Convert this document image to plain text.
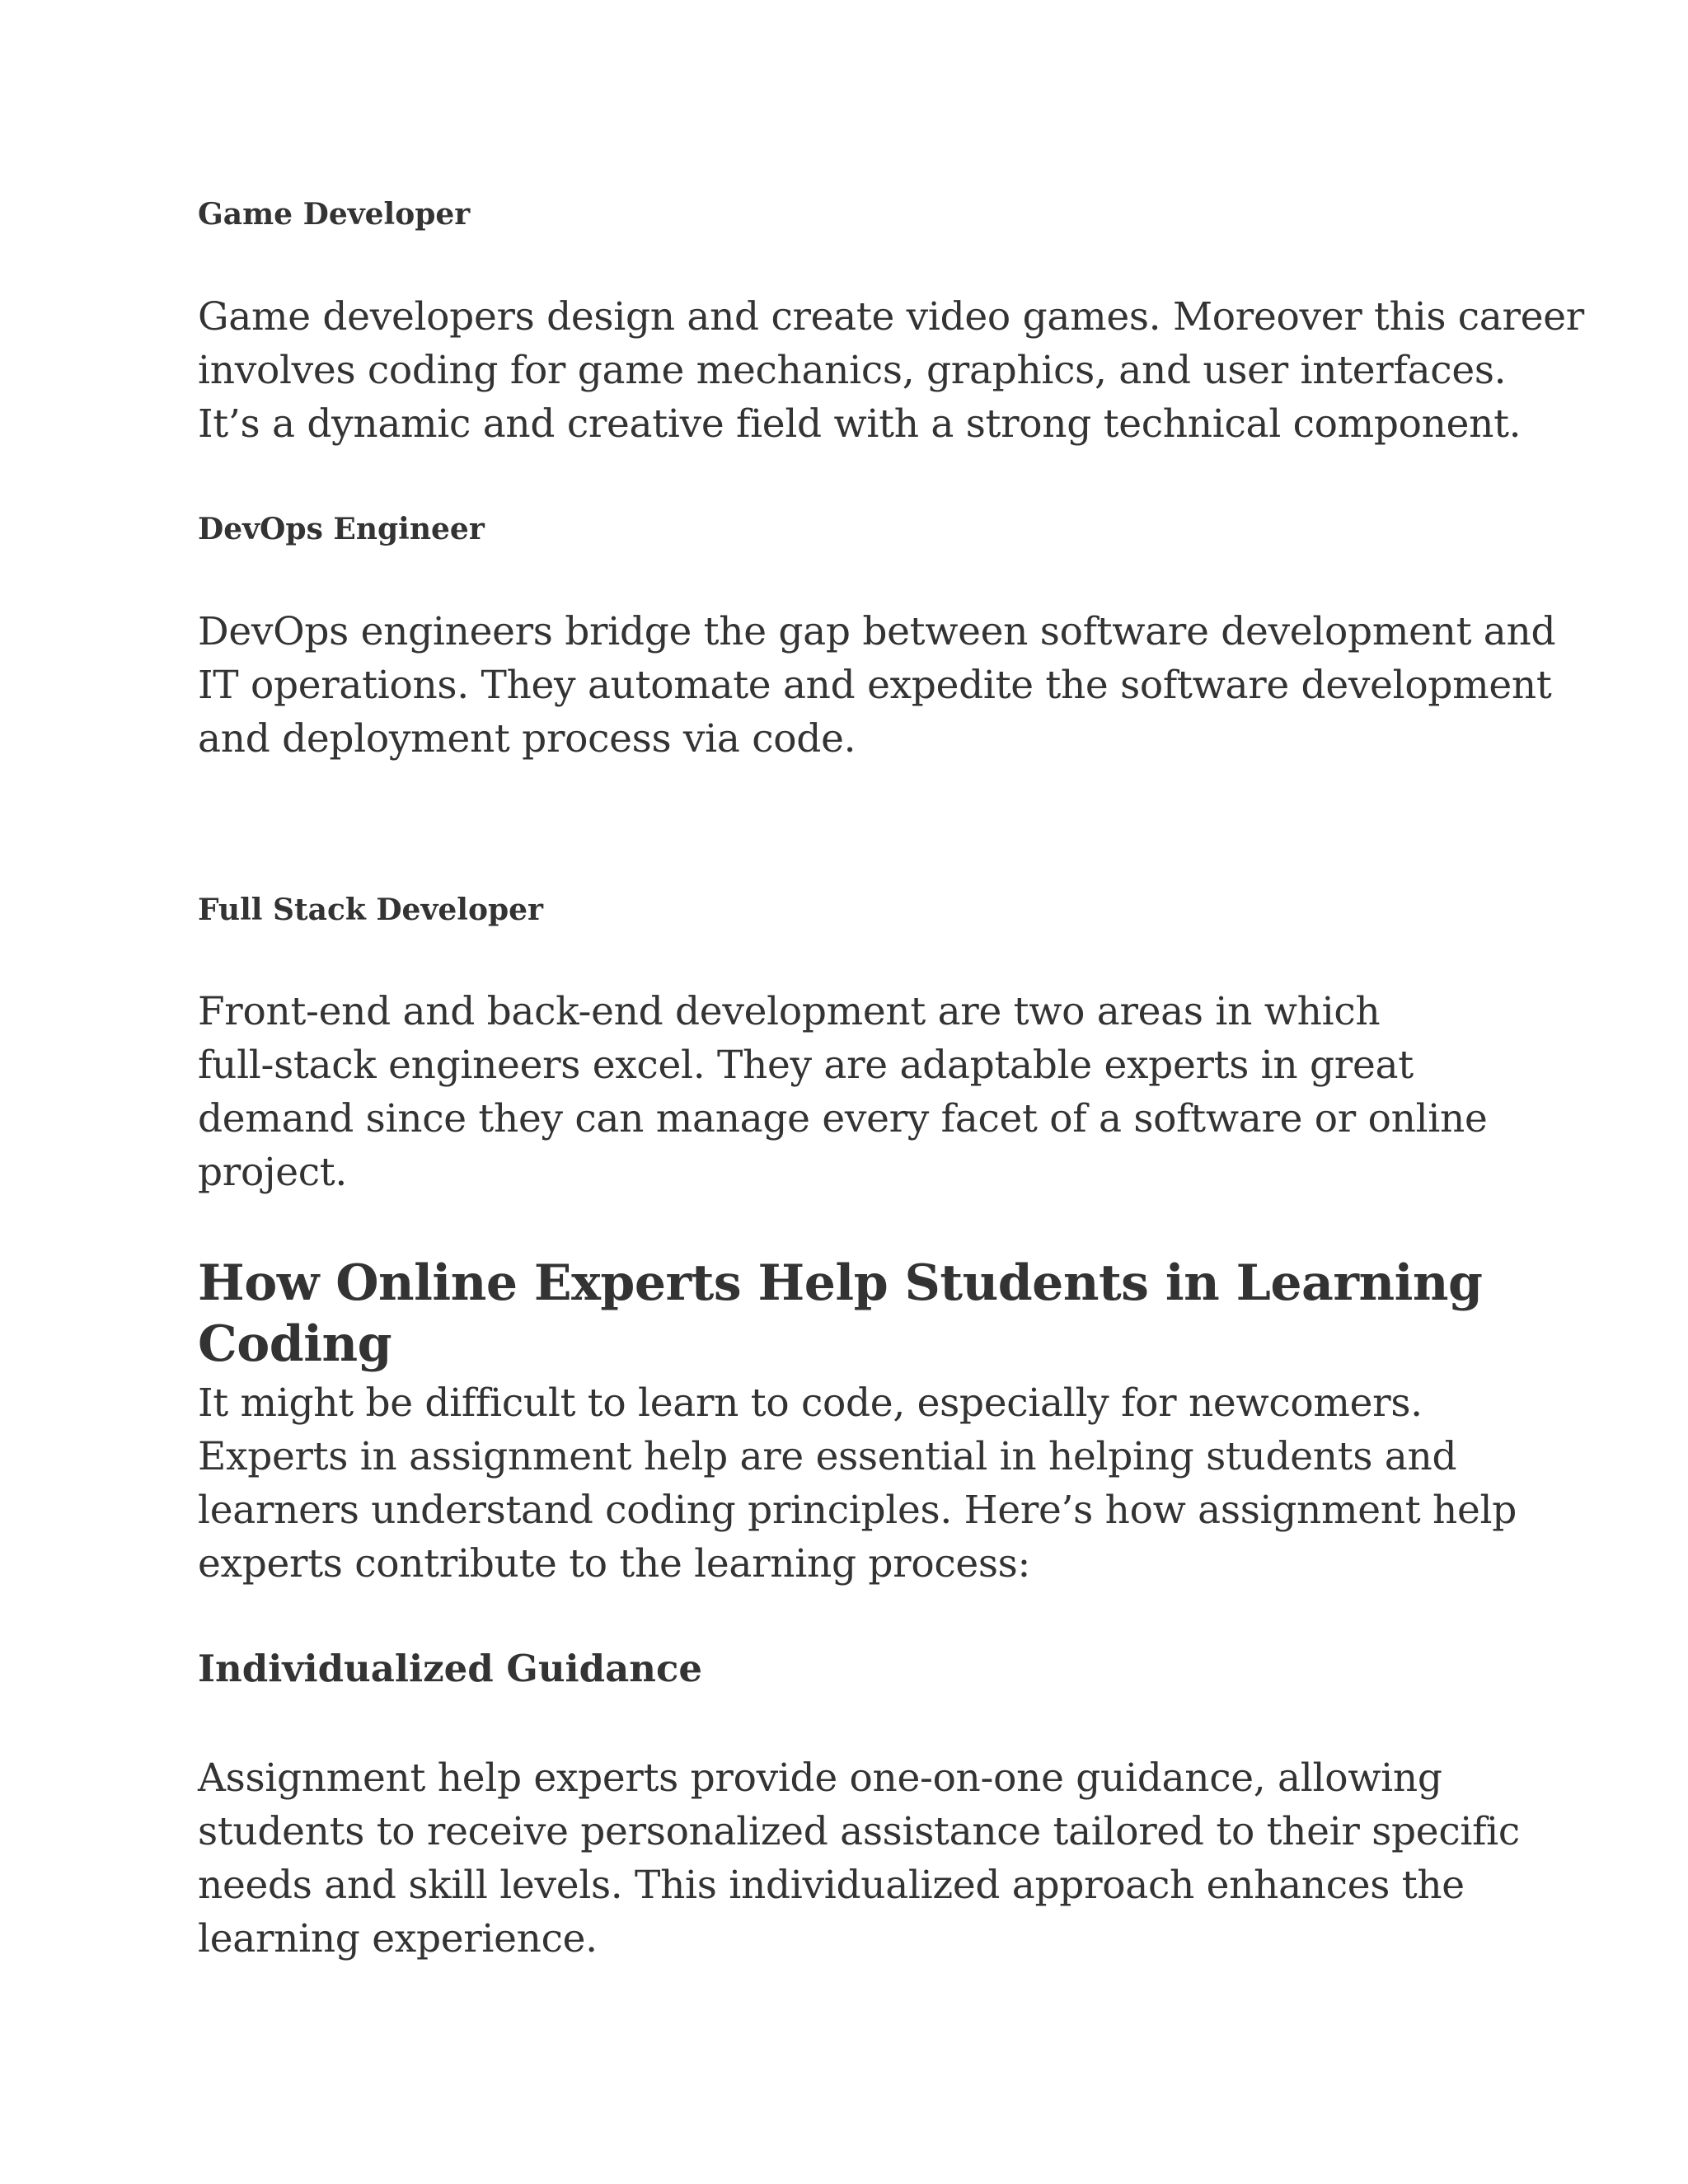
Game Developer

Game developers design and create video games. Moreover this career
involves coding for game mechanics, graphics, and user interfaces.
It’s a dynamic and creative field with a strong technical component.

DevOps Engineer

DevOps engineers bridge the gap between software development and
IT operations. They automate and expedite the software development
and deployment process via code.

Full Stack Developer

Front-end and back-end development are two areas in which
full-stack engineers excel. They are adaptable experts in great
demand since they can manage every facet of a software or online
project.

How Online Experts Help Students in Learning Coding

It might be difficult to learn to code, especially for newcomers.
Experts in assignment help are essential in helping students and
learners understand coding principles. Here’s how assignment help
experts contribute to the learning process:

Individualized Guidance

Assignment help experts provide one-on-one guidance, allowing
students to receive personalized assistance tailored to their specific
needs and skill levels. This individualized approach enhances the
learning experience.
